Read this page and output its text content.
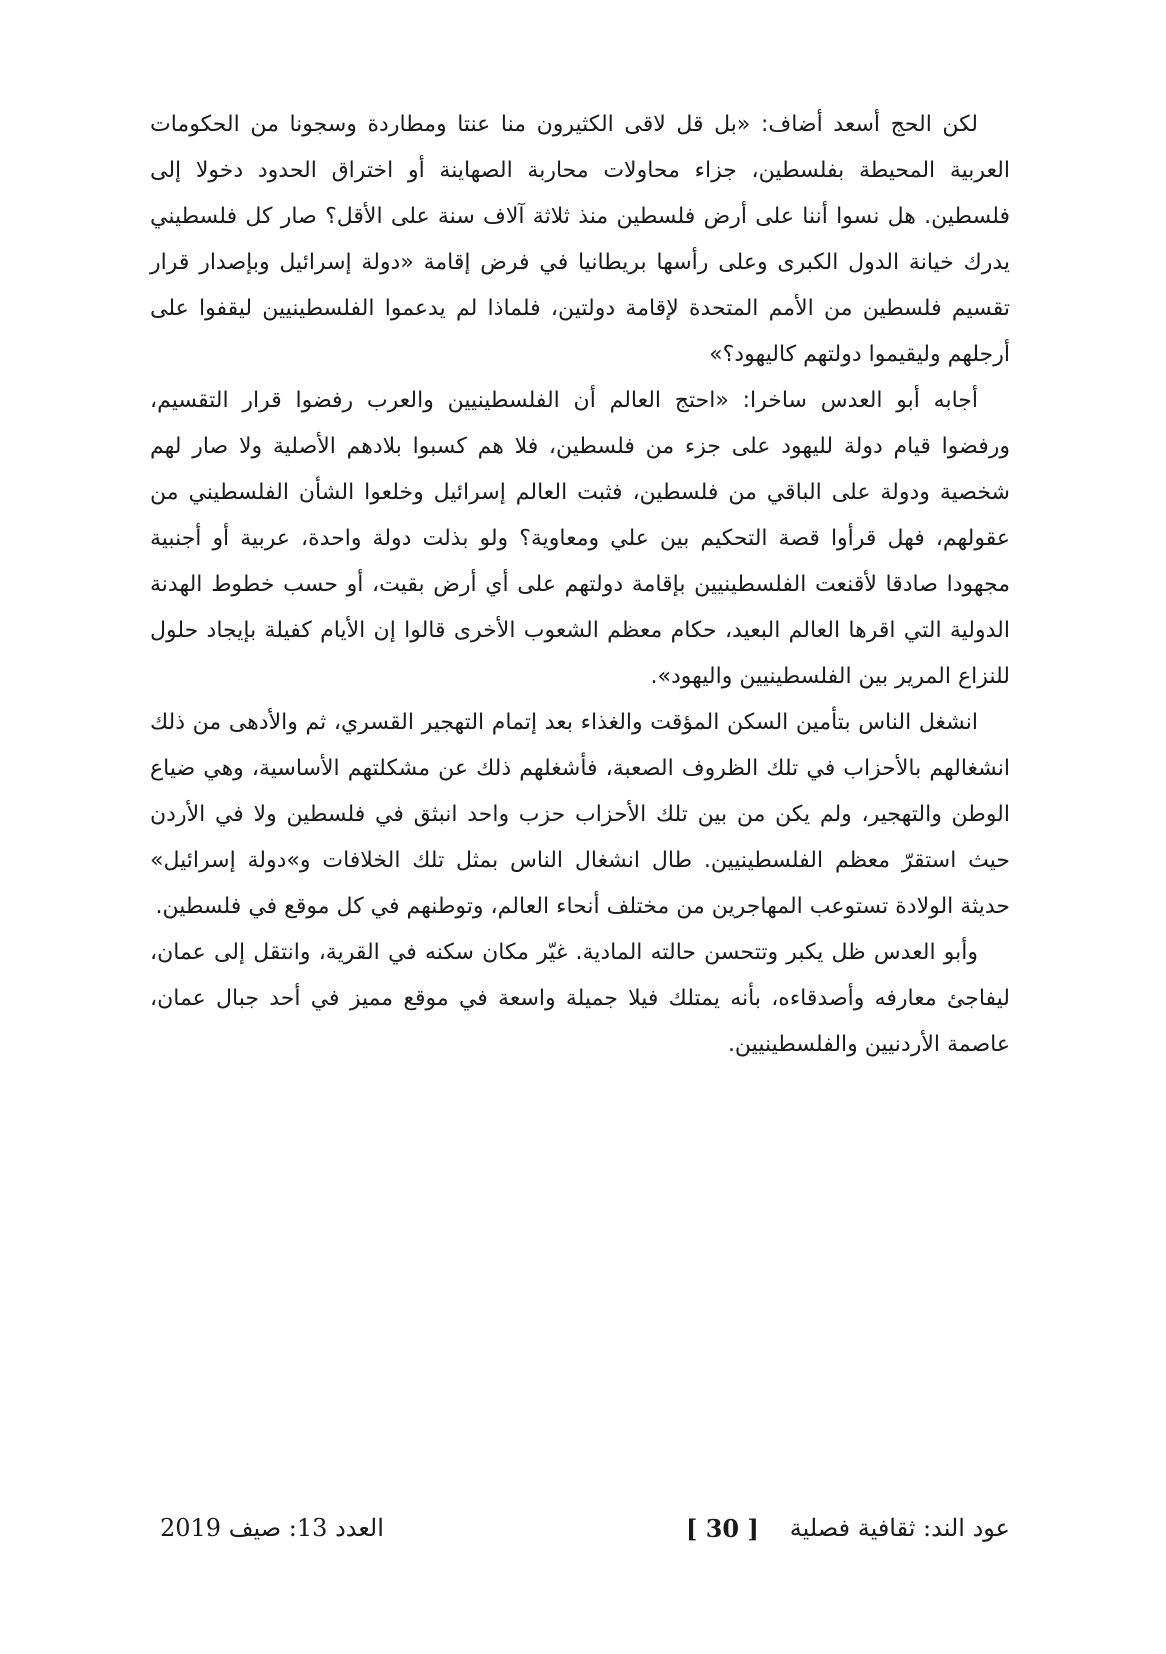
لكن الحج أسعد أضاف: «بل قل لاقى الكثيرون منا عنتا ومطاردة وسجونا من الحكومات العربية المحيطة بفلسطين، جزاء محاولات محاربة الصهاينة أو اختراق الحدود دخولا إلى فلسطين. هل نسوا أننا على أرض فلسطين منذ ثلاثة آلاف سنة على الأقل؟ صار كل فلسطيني يدرك خيانة الدول الكبرى وعلى رأسها بريطانيا في فرض إقامة «دولة إسرائيل وبإصدار قرار تقسيم فلسطين من الأمم المتحدة لإقامة دولتين، فلماذا لم يدعموا الفلسطينيين ليقفوا على أرجلهم وليقيموا دولتهم كاليهود؟»

أجابه أبو العدس ساخرا: «احتج العالم أن الفلسطينيين والعرب رفضوا قرار التقسيم، ورفضوا قيام دولة لليهود على جزء من فلسطين، فلا هم كسبوا بلادهم الأصلية ولا صار لهم شخصية ودولة على الباقي من فلسطين، فثبت العالم إسرائيل وخلعوا الشأن الفلسطيني من عقولهم، فهل قرأوا قصة التحكيم بين علي ومعاوية؟ ولو بذلت دولة واحدة، عربية أو أجنبية مجهودا صادقا لأقنعت الفلسطينيين بإقامة دولتهم على أي أرض بقيت، أو حسب خطوط الهدنة الدولية التي اقرها العالم البعيد، حكام معظم الشعوب الأخرى قالوا إن الأيام كفيلة بإيجاد حلول للنزاع المرير بين الفلسطينيين واليهود».

انشغل الناس بتأمين السكن المؤقت والغذاء بعد إتمام التهجير القسري، ثم والأدهى من ذلك انشغالهم بالأحزاب في تلك الظروف الصعبة، فأشغلهم ذلك عن مشكلتهم الأساسية، وهي ضياع الوطن والتهجير، ولم يكن من بين تلك الأحزاب حزب واحد انبثق في فلسطين ولا في الأردن حيث استقرّ معظم الفلسطينيين. طال انشغال الناس بمثل تلك الخلافات و»دولة إسرائيل» حديثة الولادة تستوعب المهاجرين من مختلف أنحاء العالم، وتوطنهم في كل موقع في فلسطين.

وأبو العدس ظل يكبر وتتحسن حالته المادية. غيّر مكان سكنه في القرية، وانتقل إلى عمان، ليفاجئ معارفه وأصدقاءه، بأنه يمتلك فيلا جميلة واسعة في موقع مميز في أحد جبال عمان، عاصمة الأردنيين والفلسطينيين.

العدد 13: صيف 2019	[ 30 ] عود الند: ثقافية فصلية
